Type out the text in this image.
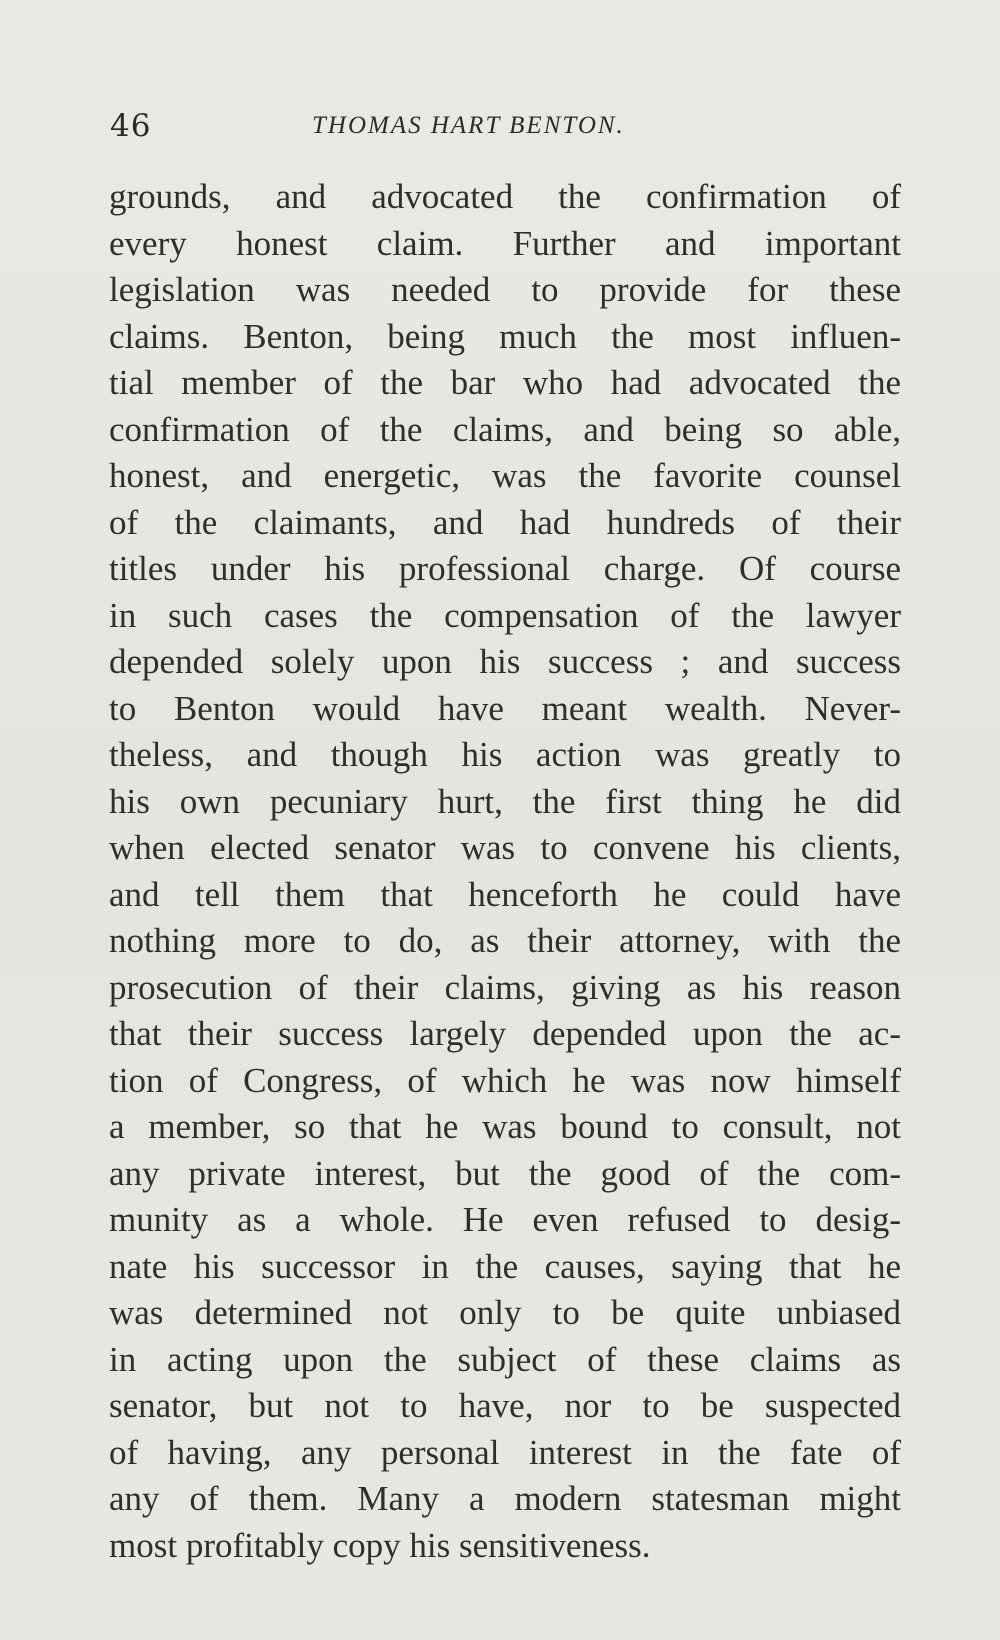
46	THOMAS HART BENTON.
grounds, and advocated the confirmation of
every honest claim. Further and important
legislation was needed to provide for these
claims. Benton, being much the most influen-
tial member of the bar who had advocated the
confirmation of the claims, and being so able,
honest, and energetic, was the favorite counsel
of the claimants, and had hundreds of their
titles under his professional charge. Of course
in such cases the compensation of the lawyer
depended solely upon his success ; and success
to Benton would have meant wealth. Never-
theless, and though his action was greatly to
his own pecuniary hurt, the first thing he did
when elected senator was to convene his clients,
and tell them that henceforth he could have
nothing more to do, as their attorney, with the
prosecution of their claims, giving as his reason
that their success largely depended upon the ac-
tion of Congress, of which he was now himself
a member, so that he was bound to consult, not
any private interest, but the good of the com-
munity as a whole. He even refused to desig-
nate his successor in the causes, saying that he
was determined not only to be quite unbiased
in acting upon the subject of these claims as
senator, but not to have, nor to be suspected
of having, any personal interest in the fate of
any of them. Many a modern statesman might
most profitably copy his sensitiveness.
